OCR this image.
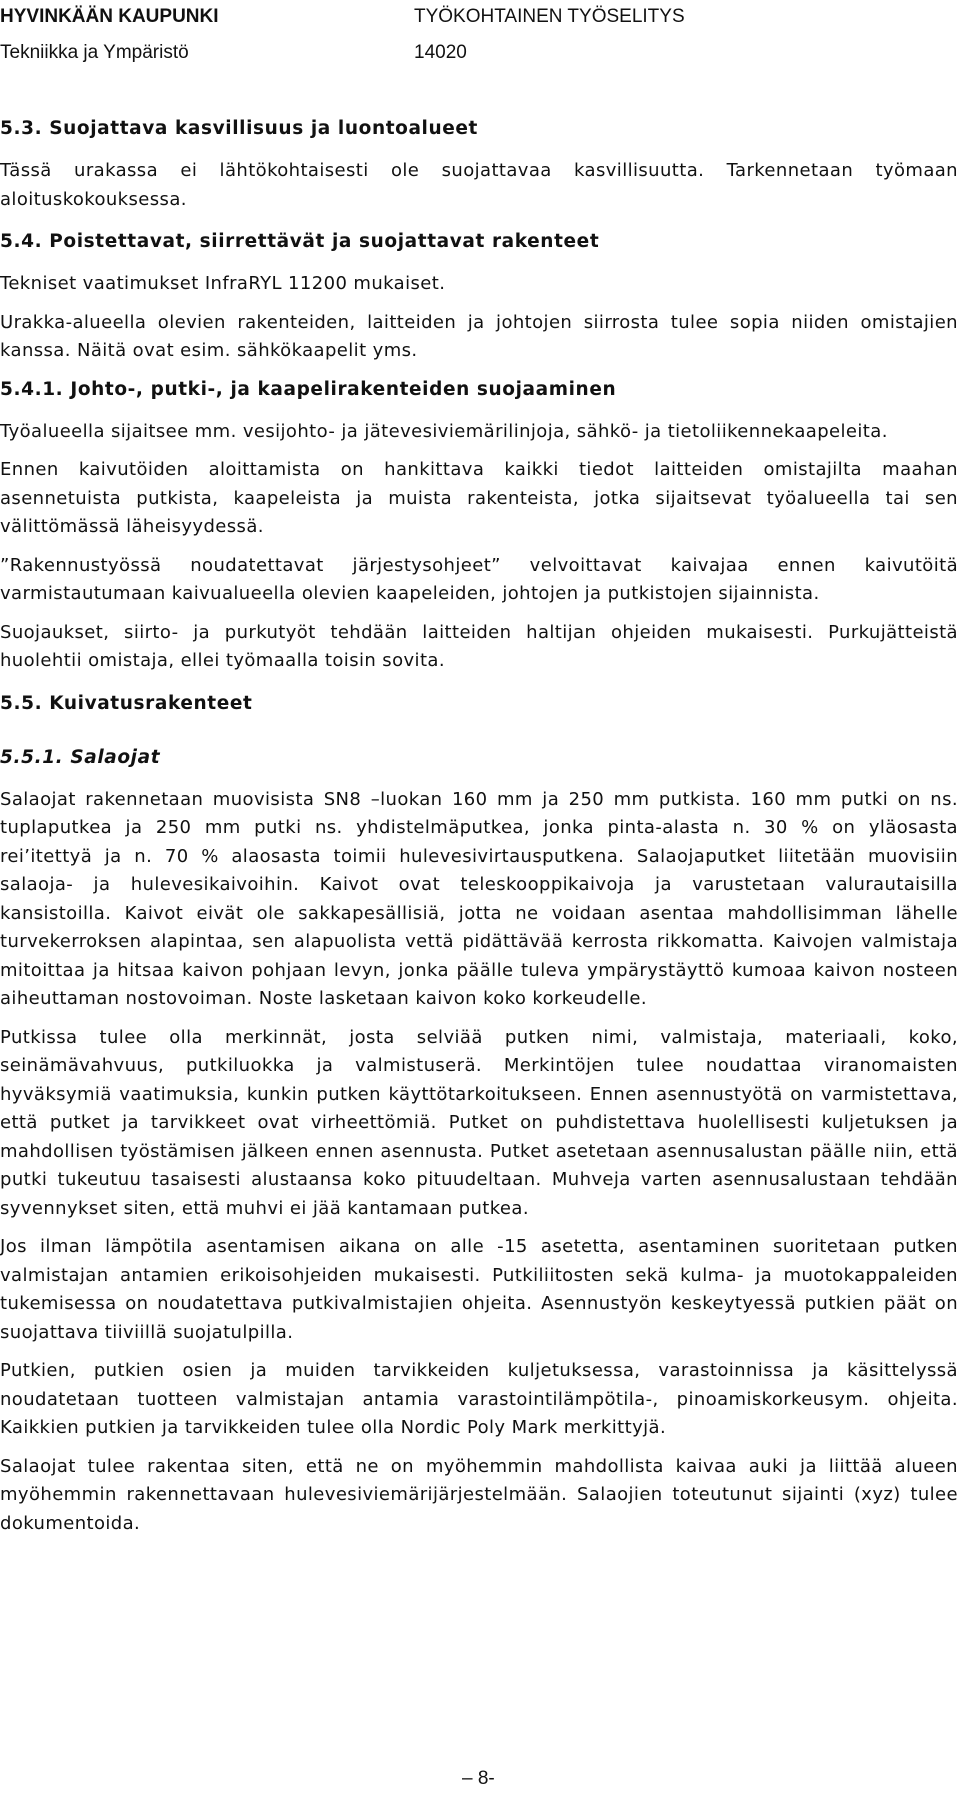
HYVINKÄÄN KAUPUNKI
Tekniikka ja Ympäristö
TYÖKOHTAINEN TYÖSELITYS
14020
5.3. Suojattava kasvillisuus ja luontoalueet

Tässä urakassa ei lähtökohtaisesti ole suojattavaa kasvillisuutta. Tarkennetaan työmaan aloituskokouksessa.

5.4. Poistettavat, siirrettävät ja suojattavat rakenteet

Tekniset vaatimukset InfraRYL 11200 mukaiset.

Urakka-alueella olevien rakenteiden, laitteiden ja johtojen siirrosta tulee sopia niiden omistajien kanssa. Näitä ovat esim. sähkökaapelit yms.

5.4.1. Johto-, putki-, ja kaapelirakenteiden suojaaminen

Työalueella sijaitsee mm. vesijohto- ja jätevesiviemärilinjoja, sähkö- ja tietoliikennekaapeleita.

Ennen kaivutöiden aloittamista on hankittava kaikki tiedot laitteiden omistajilta maahan asennetuista putkista, kaapeleista ja muista rakenteista, jotka sijaitsevat työalueella tai sen välittömässä läheisyydessä.

”Rakennustyössä noudatettavat järjestysohjeet” velvoittavat kaivajaa ennen kaivutöitä varmistautumaan kaivualueella olevien kaapeleiden, johtojen ja putkistojen sijainnista.

Suojaukset, siirto- ja purkutyöt tehdään laitteiden haltijan ohjeiden mukaisesti. Purkujätteistä huolehtii omistaja, ellei työmaalla toisin sovita.

5.5. Kuivatusrakenteet
5.5.1. Salaojat

Salaojat rakennetaan muovisista SN8 –luokan 160 mm ja 250 mm putkista. 160 mm putki on ns. tuplaputkea ja 250 mm putki ns. yhdistelmäputkea, jonka pinta-alasta n. 30 % on yläosasta rei’itettyä ja n. 70 % alaosasta toimii hulevesivirtausputkena. Salaojaputket liitetään muovisiin salaoja- ja hulevesikaivoihin. Kaivot ovat teleskooppikaivoja ja varustetaan valurautaisilla kansistoilla. Kaivot eivät ole sakkapesällisiä, jotta ne voidaan asentaa mahdollisimman lähelle turvekerroksen alapintaa, sen alapuolista vettä pidättävää kerrosta rikkomatta. Kaivojen valmistaja mitoittaa ja hitsaa kaivon pohjaan levyn, jonka päälle tuleva ympärystäyttö kumoaa kaivon nosteen aiheuttaman nostovoiman. Noste lasketaan kaivon koko korkeudelle.

Putkissa tulee olla merkinnät, josta selviää putken nimi, valmistaja, materiaali, koko, seinämävahvuus, putkiluokka ja valmistuserä. Merkintöjen tulee noudattaa viranomaisten hyväksymiä vaatimuksia, kunkin putken käyttötarkoitukseen. Ennen asennustyötä on varmistettava, että putket ja tarvikkeet ovat virheettömiä. Putket on puhdistettava huolellisesti kuljetuksen ja mahdollisen työstämisen jälkeen ennen asennusta. Putket asetetaan asennusalustan päälle niin, että putki tukeutuu tasaisesti alustaansa koko pituudeltaan. Muhveja varten asennusalustaan tehdään syvennykset siten, että muhvi ei jää kantamaan putkea.

Jos ilman lämpötila asentamisen aikana on alle -15 asetetta, asentaminen suoritetaan putken valmistajan antamien erikoisohjeiden mukaisesti. Putkiliitosten sekä kulma- ja muotokappaleiden tukemisessa on noudatettava putkivalmistajien ohjeita. Asennustyön keskeytyessä putkien päät on suojattava tiiviillä suojatulpilla.

Putkien, putkien osien ja muiden tarvikkeiden kuljetuksessa, varastoinnissa ja käsittelyssä noudatetaan tuotteen valmistajan antamia varastointilämpötila-, pinoamiskorkeusym. ohjeita. Kaikkien putkien ja tarvikkeiden tulee olla Nordic Poly Mark merkittyjä.

Salaojat tulee rakentaa siten, että ne on myöhemmin mahdollista kaivaa auki ja liittää alueen myöhemmin rakennettavaan hulevesiviemärijärjestelmään. Salaojien toteutunut sijainti (xyz) tulee dokumentoida.

– 8-
